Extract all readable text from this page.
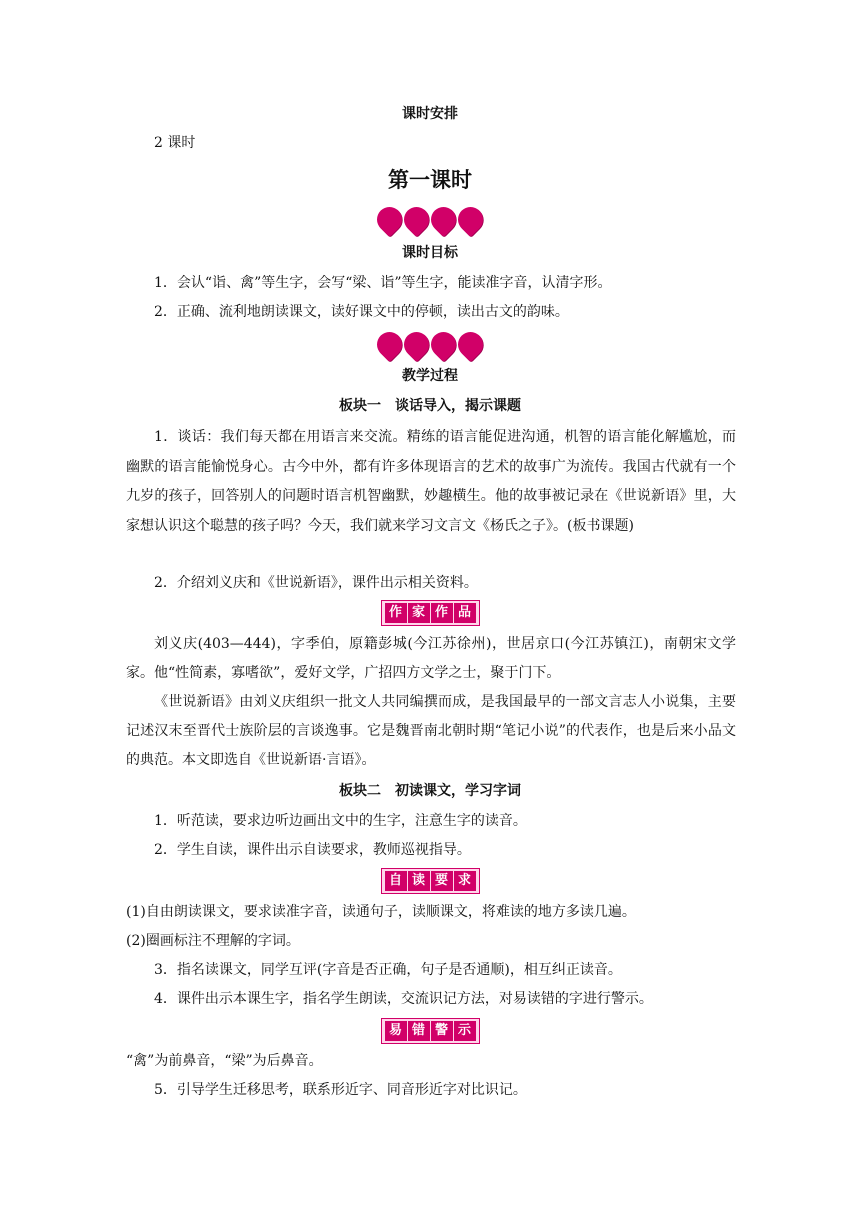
课时安排
2 课时
第一课时
课时目标
1．会认“诣、禽”等生字，会写“梁、诣”等生字，能读准字音，认清字形。
2．正确、流利地朗读课文，读好课文中的停顿，读出古文的韵味。
教学过程
板块一　谈话导入，揭示课题
1．谈话：我们每天都在用语言来交流。精练的语言能促进沟通，机智的语言能化解尴尬，而幽默的语言能愉悦身心。古今中外，都有许多体现语言的艺术的故事广为流传。我国古代就有一个九岁的孩子，回答别人的问题时语言机智幽默，妙趣横生。他的故事被记录在《世说新语》里，大家想认识这个聪慧的孩子吗？今天，我们就来学习文言文《杨氏之子》。(板书课题)
2．介绍刘义庆和《世说新语》，课件出示相关资料。
作 家 作 品
刘义庆(403—444)，字季伯，原籍彭城(今江苏徐州)，世居京口(今江苏镇江)，南朝宋文学家。他“性简素，寡嗜欲”，爱好文学，广招四方文学之士，聚于门下。
《世说新语》由刘义庆组织一批文人共同编撰而成，是我国最早的一部文言志人小说集，主要记述汉末至晋代士族阶层的言谈逸事。它是魏晋南北朝时期“笔记小说”的代表作，也是后来小品文的典范。本文即选自《世说新语·言语》。
板块二　初读课文，学习字词
1．听范读，要求边听边画出文中的生字，注意生字的读音。
2．学生自读，课件出示自读要求，教师巡视指导。
自 读 要 求
(1)自由朗读课文，要求读准字音，读通句子，读顺课文，将难读的地方多读几遍。
(2)圈画标注不理解的字词。
3．指名读课文，同学互评(字音是否正确，句子是否通顺)，相互纠正读音。
4．课件出示本课生字，指名学生朗读，交流识记方法，对易读错的字进行警示。
易 错 警 示
“禽”为前鼻音，“梁”为后鼻音。
5．引导学生迁移思考，联系形近字、同音形近字对比识记。
